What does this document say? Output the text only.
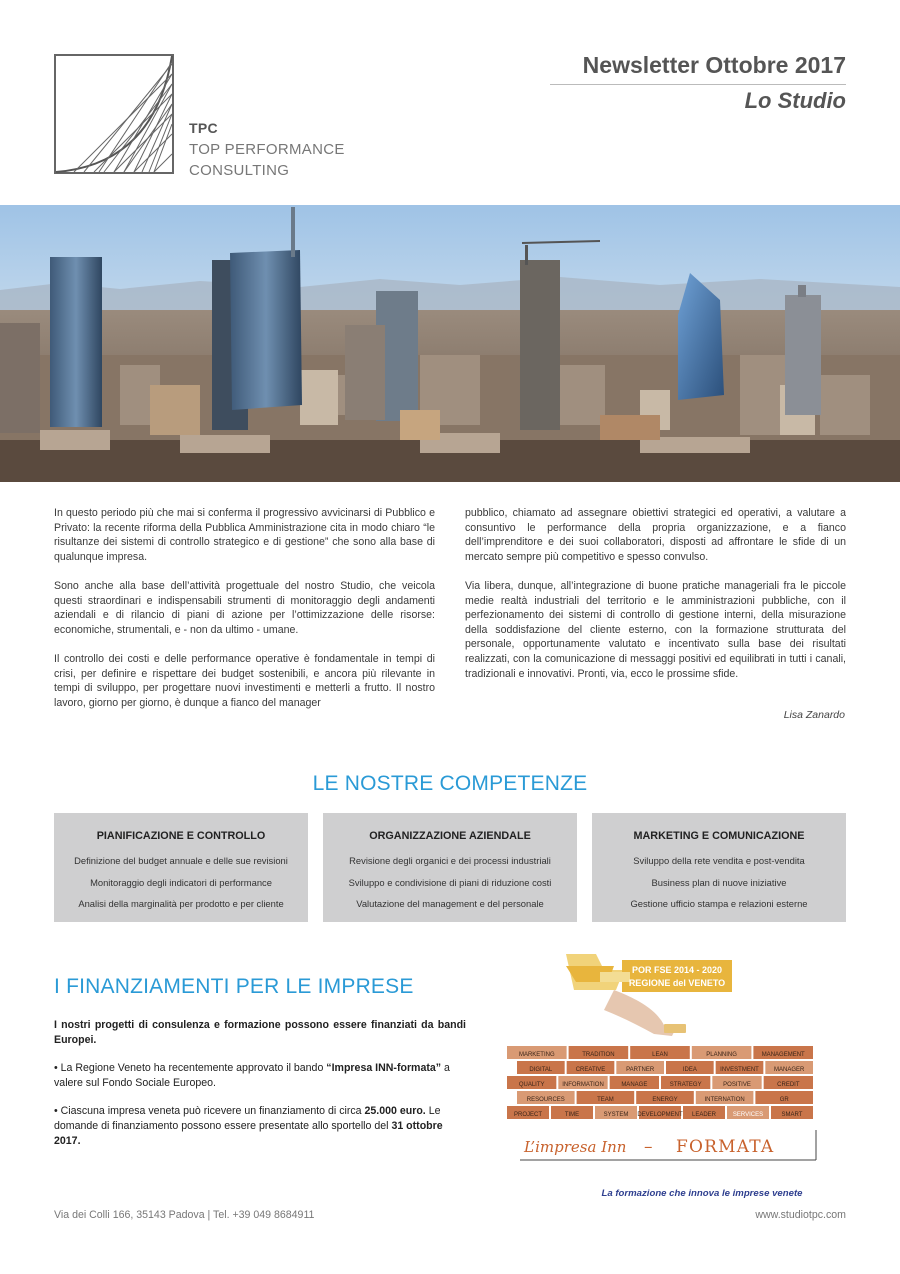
TPC
TOP PERFORMANCE
CONSULTING
Newsletter Ottobre 2017
Lo Studio

In questo periodo più che mai si conferma il progressivo avvicinarsi di Pubblico e Privato: la recente riforma della Pubblica Amministrazione cita in modo chiaro “le risultanze dei sistemi di controllo strategico e di gestione” che sono alla base di qualunque impresa.

Sono anche alla base dell’attività progettuale del nostro Studio, che veicola questi straordinari e indispensabili strumenti di monitoraggio degli andamenti aziendali e di rilancio di piani di azione per l’ottimizzazione delle risorse: economiche, strumentali, e - non da ultimo - umane.

Il controllo dei costi e delle performance operative è fondamentale in tempi di crisi, per definire e rispettare dei budget sostenibili, e ancora più rilevante in tempi di sviluppo, per progettare nuovi investimenti e metterli a frutto. Il nostro lavoro, giorno per giorno, è dunque a fianco del manager

pubblico, chiamato ad assegnare obiettivi strategici ed operativi, a valutare a consuntivo le performance della propria organizzazione, e a fianco dell’imprenditore e dei suoi collaboratori, disposti ad affrontare le sfide di un mercato sempre più competitivo e spesso convulso.

Via libera, dunque, all’integrazione di buone pratiche manageriali fra le piccole medie realtà industriali del territorio e le amministrazioni pubbliche, con il perfezionamento dei sistemi di controllo di gestione interni, della misurazione della soddisfazione del cliente esterno, con la formazione strutturata del personale, opportunamente valutato e incentivato sulla base dei risultati realizzati, con la comunicazione di messaggi positivi ed equilibrati in tutti i canali, tradizionali e innovativi. Pronti, via, ecco le prossime sfide.

Lisa Zanardo
LE NOSTRE COMPETENZE
PIANIFICAZIONE E CONTROLLO
Definizione del budget annuale e delle sue revisioni
Monitoraggio degli indicatori di performance
Analisi della marginalità per prodotto e per cliente
ORGANIZZAZIONE AZIENDALE
Revisione degli organici e dei processi industriali
Sviluppo e condivisione di piani di riduzione costi
Valutazione del management e del personale
MARKETING E COMUNICAZIONE
Sviluppo della rete vendita e post-vendita
Business plan di nuove iniziative
Gestione ufficio stampa e relazioni esterne
I FINANZIAMENTI PER LE IMPRESE

I nostri progetti di consulenza e formazione possono essere finanziati da bandi Europei.

• La Regione Veneto ha recentemente approvato il bando “Impresa INN-formata” a valere sul Fondo Sociale Europeo.

• Ciascuna impresa veneta può ricevere un finanziamento di circa 25.000 euro. Le domande di finanziamento possono essere presentate allo sportello del 31 ottobre 2017.

POR FSE 2014 - 2020
REGIONE del VENETO
MARKETING	TRADITION	LEAN	PLANNING	MANAGEMENT
DIGITAL	CREATIVE	PARTNER	IDEA	INVESTMENT	MANAGER
QUALITY	INFORMATION	MANAGE	STRATEGY	POSITIVE	CREDIT
RESOURCES	TEAM	ENERGY	INTERNATION	GR
PROJECT	TIME	SYSTEM DEVELOPMENT LEADER	SERVICES	SMART
L’impresa Inn – FORMATA
La formazione che innova le imprese venete
Via dei Colli 166, 35143 Padova | Tel. +39 049 8684911	www.studiotpc.com
